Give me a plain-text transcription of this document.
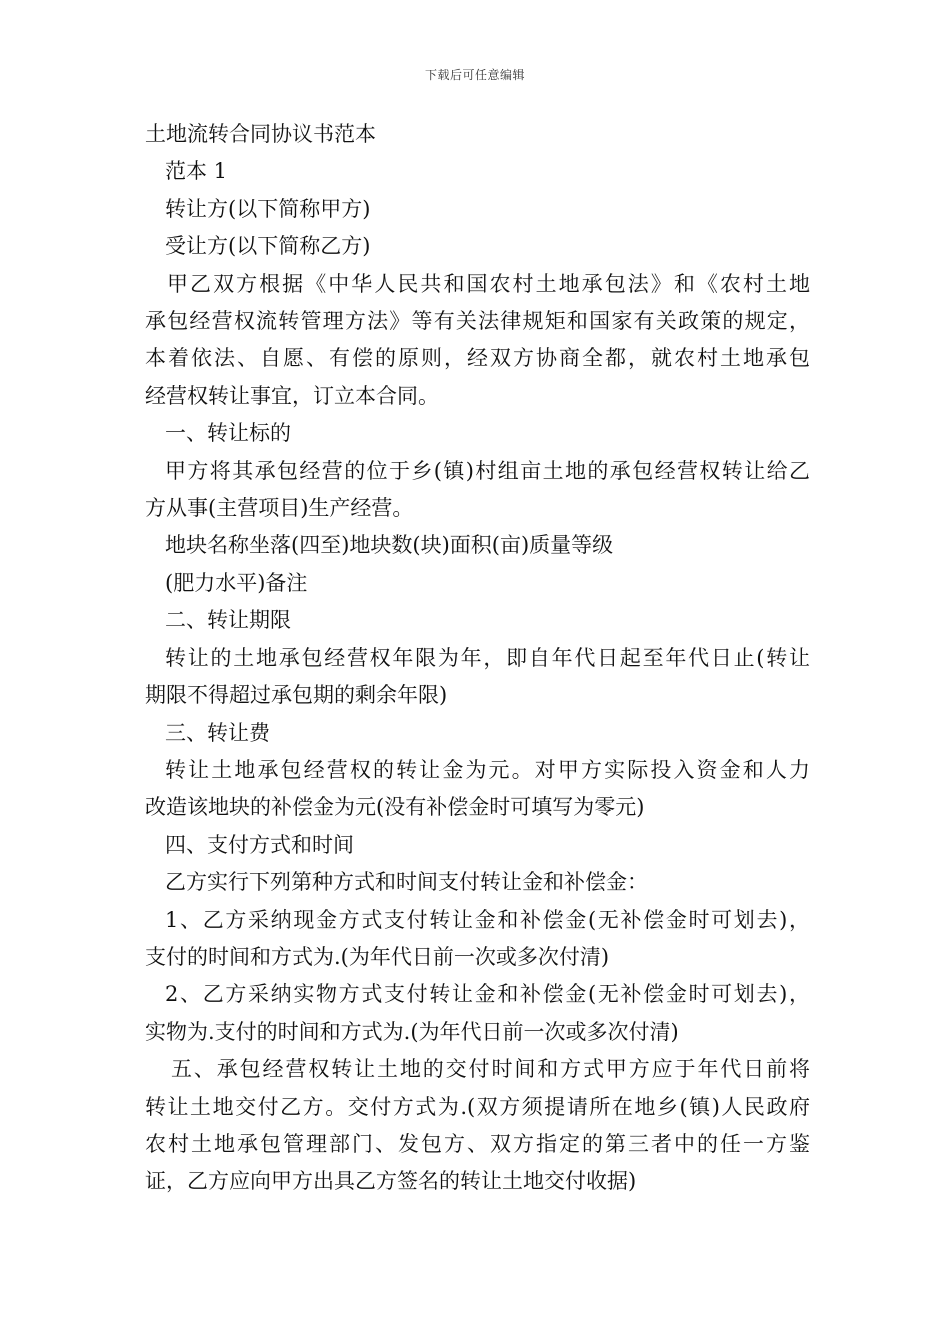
下载后可任意编辑

土地流转合同协议书范本

范本 1

转让方(以下简称甲方)

受让方(以下简称乙方)

甲乙双方根据《中华人民共和国农村土地承包法》和《农村土地

承包经营权流转管理方法》等有关法律规矩和国家有关政策的规定，

本着依法、自愿、有偿的原则，经双方协商全都，就农村土地承包

经营权转让事宜，订立本合同。

一、转让标的

甲方将其承包经营的位于乡(镇)村组亩土地的承包经营权转让给乙

方从事(主营项目)生产经营。

地块名称坐落(四至)地块数(块)面积(亩)质量等级

(肥力水平)备注

二、转让期限

转让的土地承包经营权年限为年，即自年代日起至年代日止(转让

期限不得超过承包期的剩余年限)

三、转让费

转让土地承包经营权的转让金为元。对甲方实际投入资金和人力

改造该地块的补偿金为元(没有补偿金时可填写为零元)

四、支付方式和时间

乙方实行下列第种方式和时间支付转让金和补偿金：

1、乙方采纳现金方式支付转让金和补偿金(无补偿金时可划去)，

支付的时间和方式为.(为年代日前一次或多次付清)

2、乙方采纳实物方式支付转让金和补偿金(无补偿金时可划去)，

实物为.支付的时间和方式为.(为年代日前一次或多次付清)

五、承包经营权转让土地的交付时间和方式甲方应于年代日前将

转让土地交付乙方。交付方式为.(双方须提请所在地乡(镇)人民政府

农村土地承包管理部门、发包方、双方指定的第三者中的任一方鉴

证，乙方应向甲方出具乙方签名的转让土地交付收据)
